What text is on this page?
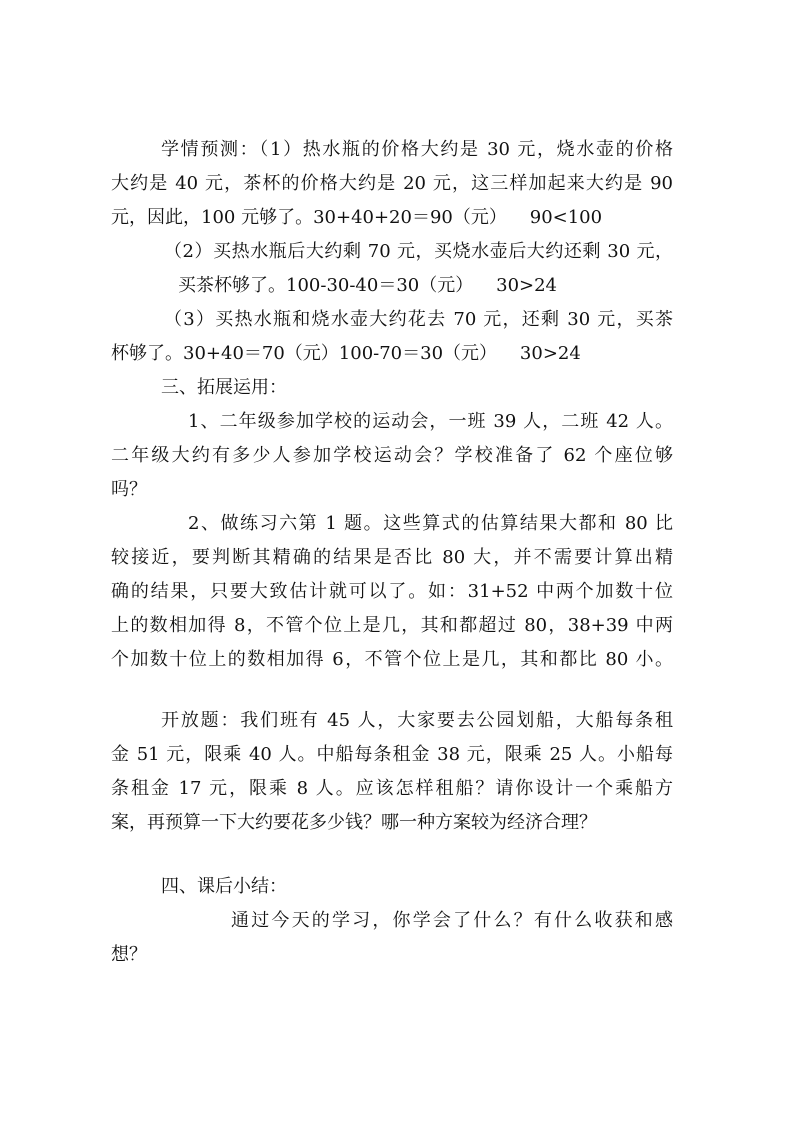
学情预测：（1）热水瓶的价格大约是 30 元，烧水壶的价格
大约是 40 元，茶杯的价格大约是 20 元，这三样加起来大约是 90
元，因此，100 元够了。30+40+20＝90（元）    90<100
（2）买热水瓶后大约剩 70 元，买烧水壶后大约还剩 30 元，
买茶杯够了。100-30-40＝30（元）    30>24
（3）买热水瓶和烧水壶大约花去 70 元，还剩 30 元，买茶
杯够了。30+40＝70（元）100-70＝30（元）    30>24
三、拓展运用：
1、二年级参加学校的运动会，一班 39 人，二班 42 人。
二年级大约有多少人参加学校运动会？学校准备了 62 个座位够
吗？
2、做练习六第 1 题。这些算式的估算结果大都和 80 比
较接近，要判断其精确的结果是否比 80 大，并不需要计算出精
确的结果，只要大致估计就可以了。如：31+52 中两个加数十位
上的数相加得 8，不管个位上是几，其和都超过 80，38+39 中两
个加数十位上的数相加得 6，不管个位上是几，其和都比 80 小。
开放题：我们班有 45 人，大家要去公园划船，大船每条租
金 51 元，限乘 40 人。中船每条租金 38 元，限乘 25 人。小船每
条租金 17 元，限乘 8 人。应该怎样租船？请你设计一个乘船方
案，再预算一下大约要花多少钱？哪一种方案较为经济合理？
四、课后小结：
通过今天的学习，你学会了什么？有什么收获和感
想？
